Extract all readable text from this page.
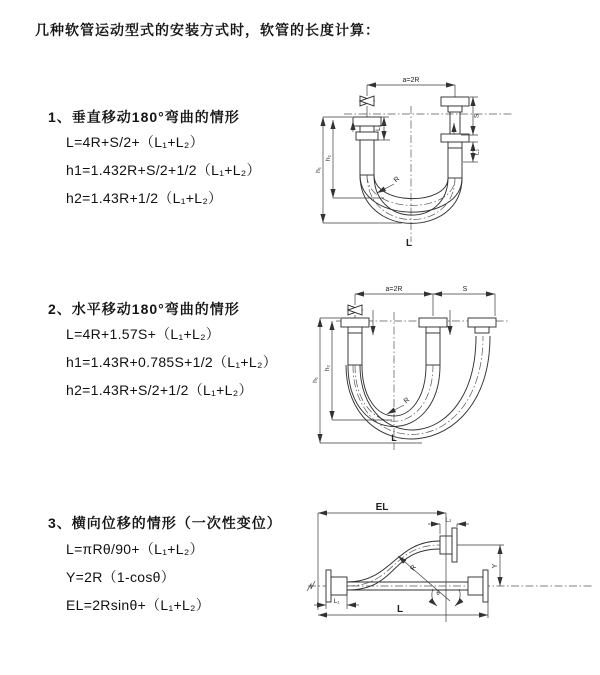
几种软管运动型式的安装方式时，软管的长度计算：
1、垂直移动180°弯曲的情形
L=4R+S/2+（L₁+L₂）
h1=1.432R+S/2+1/2（L₁+L₂）
h2=1.43R+1/2（L₁+L₂）
a=2R
L₁
S
L₂
h₁
h₂
R
L
2、水平移动180°弯曲的情形
L=4R+1.57S+（L₁+L₂）
h1=1.43R+0.785S+1/2（L₁+L₂）
h2=1.43R+S/2+1/2（L₁+L₂）
a=2R	S
h₁
h₂
R
L
3、横向位移的情形（一次性变位）
L=πRθ/90+（L₁+L₂）
Y=2R（1-cosθ）
EL=2Rsinθ+（L₁+L₂）
EL
L₂
L₁
L
Y
R
θ
